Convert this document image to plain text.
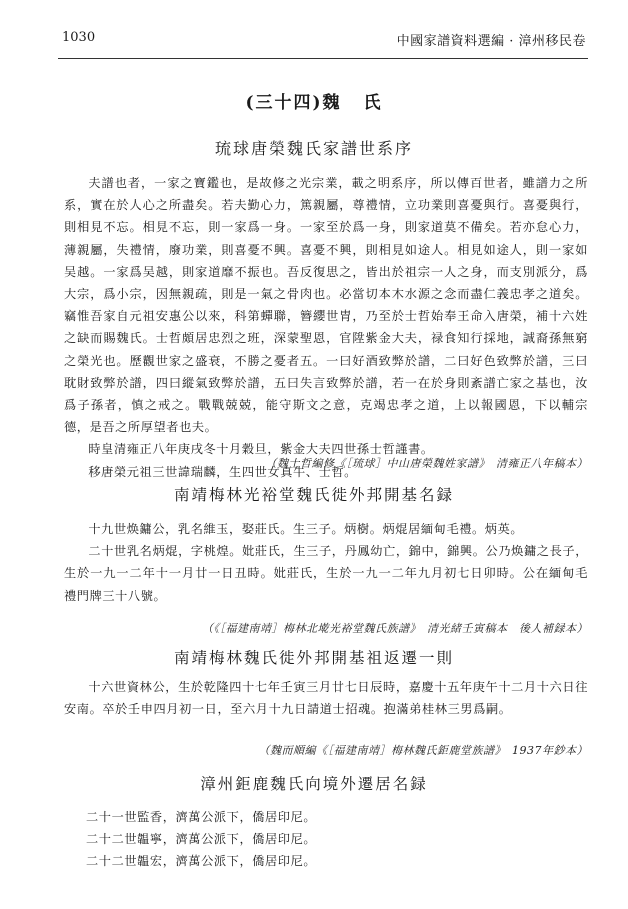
1030	中國家譜資料選編 · 漳州移民卷
(三十四)魏 氏
琉球唐榮魏氏家譜世系序

夫譜也者，一家之寶鑑也，是故修之光宗業，載之明系序，所以傳百世者，雖譜力之所系，實在於人心之所盡矣。若夫勤心力，篤親屬，尊禮情，立功業則喜憂與行。喜憂與行，則相見不忘。相見不忘，則一家爲一身。一家至於爲一身，則家道莫不備矣。若亦怠心力，薄親屬，失禮情，廢功業，則喜憂不興。喜憂不興，則相見如途人。相見如途人，則一家如吴越。一家爲吴越，則家道靡不振也。吾反復思之，皆出於祖宗一人之身，而支別派分，爲大宗，爲小宗，因無親疏，則是一氣之骨肉也。必當切本木水源之念而盡仁義忠孝之道矣。竊惟吾家自元祖安惠公以來，科第蟬聯，簪纓世胄，乃至於士哲始奉王命入唐榮，補十六姓之缺而賜魏氏。士哲頗居忠烈之班，深蒙聖恩，官陞紫金大夫，禄食知行採地，誠裔孫無窮之榮光也。歷觀世家之盛衰，不勝之憂者五。一曰好酒致弊於譜，二曰好色致弊於譜，三曰耽財致弊於譜，四曰縱氣致弊於譜，五曰失言致弊於譜，若一在於身則紊譜亡家之基也，汝爲子孫者，慎之戒之。戰戰兢兢，能守斯文之意，克竭忠孝之道，上以報國恩，下以輔宗德，是吾之所厚望者也夫。

時皇清雍正八年庚戌冬十月穀旦，紫金大夫四世孫士哲謹書。

移唐榮元祖三世諱瑞麟，生四世女真牛、士哲。

（魏士哲編修《［琉球］中山唐榮魏姓家譜》　清雍正八年稿本）
南靖梅林光裕堂魏氏徙外邦開基名録

十九世焕鏞公，乳名維玉，娶莊氏。生三子。炳樹。炳焜居緬甸毛禮。炳英。

二十世乳名炳焜，字桃煌。妣莊氏，生三子，丹鳳幼亡，錦中，錦興。公乃焕鏞之長子，生於一九一二年十一月廿一日丑時。妣莊氏，生於一九一二年九月初七日卯時。公在緬甸毛禮門牌三十八號。

（《［福建南靖］梅林北墘光裕堂魏氏族譜》　清光緒壬寅稿本　後人補録本）
南靖梅林魏氏徙外邦開基祖返遷一則

十六世資林公，生於乾隆四十七年壬寅三月廿七日辰時，嘉慶十五年庚午十二月十六日往安南。卒於壬申四月初一日，至六月十九日請道士招魂。抱滿弟桂林三男爲嗣。

（魏而順編《［福建南靖］梅林魏氏鉅鹿堂族譜》　1937年鈔本）
漳州鉅鹿魏氏向境外遷居名録

二十一世監香，濟萬公派下，僑居印尼。

二十二世韞寧，濟萬公派下，僑居印尼。

二十二世韞宏，濟萬公派下，僑居印尼。
